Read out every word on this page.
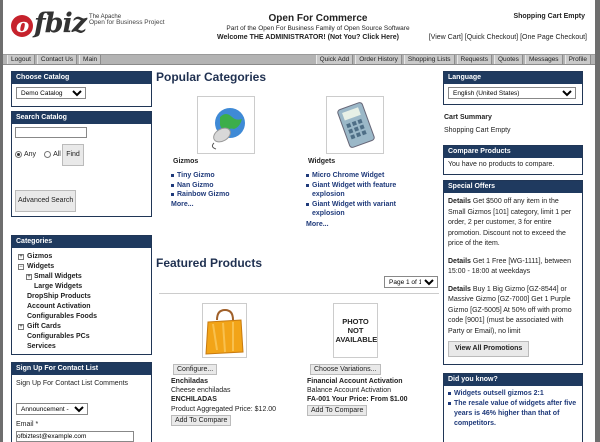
o fbiz The Apache
Open for Business Project	Open For Commerce
Part of the Open For Business Family of Open Source Software
Welcome THE ADMINISTRATOR! (Not You? Click Here)
Shopping Cart Empty
[View Cart] [Quick Checkout] [One Page Checkout]
Logout	Contact Us	Main	Quick Add	Order History	Shopping Lists	Requests	Quotes	Messages	Profile
Choose Catalog
Demo Catalog
Search Catalog
Any All Find
Advanced Search
Categories
+ Gizmos
− Widgets
+ Small Widgets
Large Widgets
DropShip Products
Account Activation
Configurables Foods
+ Gift Cards
Configurables PCs
Services
Sign Up For Contact List
Sign Up For Contact List Comments
Announcement - N
Email *
ofbiztest@example.com
Popular Categories
Gizmos
Tiny Gizmo
Nan Gizmo
Rainbow Gizmo
More...
Widgets
Micro Chrome Widget
Giant Widget with feature explosion
Giant Widget with variant explosion
More...
Featured Products
Page 1 of 1
Configure...
Enchiladas
Cheese enchiladas
ENCHILADAS
Product Aggregated Price: $12.00
Add To Compare
PHOTO NOT AVAILABLE
Choose Variations...
Financial Account Activation
Balance Account Activation
FA-001 Your Price: From $1.00
Add To Compare
Language
English (United States)
Cart Summary
Shopping Cart Empty
Compare Products
You have no products to compare.
Special Offers
Details Get $500 off any item in the Small Gizmos [101] category, limit 1 per order, 2 per customer, 3 for entire promotion. Discount not to exceed the price of the item.
Details Get 1 Free [WG-1111], between 15:00 - 18:00 at weekdays
Details Buy 1 Big Gizmo [GZ-8544] or Massive Gizmo [GZ-7000] Get 1 Purple Gizmo [GZ-5005] At 50% off with promo code [9001] (must be associated with Party or Email), no limit
View All Promotions
Did you know?
Widgets outsell gizmos 2:1
The resale value of widgets after five years is 46% higher than that of competitors.
